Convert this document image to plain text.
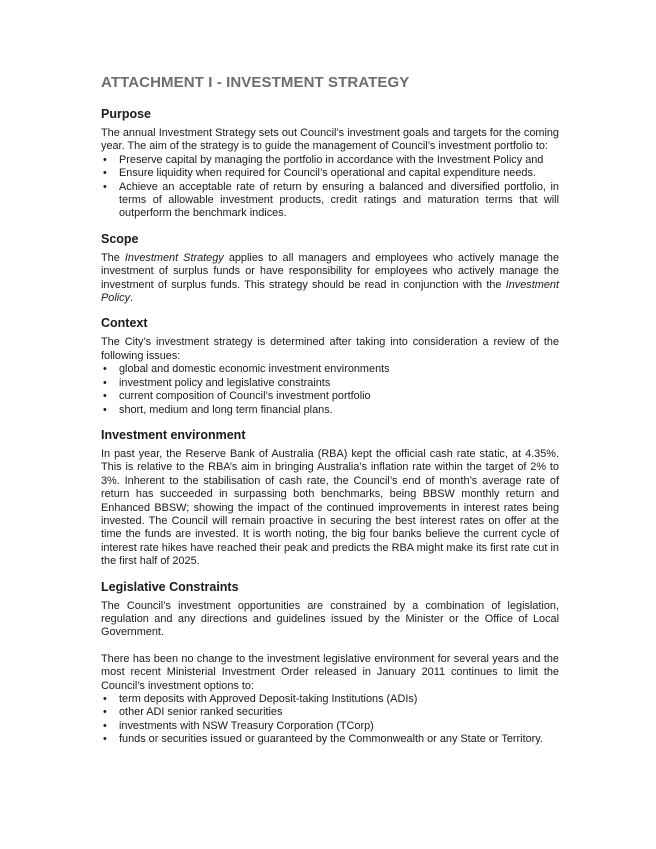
ATTACHMENT I - INVESTMENT STRATEGY
Purpose

The annual Investment Strategy sets out Council’s investment goals and targets for the coming year. The aim of the strategy is to guide the management of Council’s investment portfolio to:

• Preserve capital by managing the portfolio in accordance with the Investment Policy and
• Ensure liquidity when required for Council’s operational and capital expenditure needs.
• Achieve an acceptable rate of return by ensuring a balanced and diversified portfolio, in terms of allowable investment products, credit ratings and maturation terms that will outperform the benchmark indices.
Scope

The Investment Strategy applies to all managers and employees who actively manage the investment of surplus funds or have responsibility for employees who actively manage the investment of surplus funds. This strategy should be read in conjunction with the Investment Policy.

Context

The City’s investment strategy is determined after taking into consideration a review of the following issues:

• global and domestic economic investment environments
• investment policy and legislative constraints
• current composition of Council’s investment portfolio
• short, medium and long term financial plans.
Investment environment

In past year, the Reserve Bank of Australia (RBA) kept the official cash rate static, at 4.35%. This is relative to the RBA’s aim in bringing Australia’s inflation rate within the target of 2% to 3%. Inherent to the stabilisation of cash rate, the Council’s end of month’s average rate of return has succeeded in surpassing both benchmarks, being BBSW monthly return and Enhanced BBSW; showing the impact of the continued improvements in interest rates being invested. The Council will remain proactive in securing the best interest rates on offer at the time the funds are invested. It is worth noting, the big four banks believe the current cycle of interest rate hikes have reached their peak and predicts the RBA might make its first rate cut in the first half of 2025.

Legislative Constraints

The Council’s investment opportunities are constrained by a combination of legislation, regulation and any directions and guidelines issued by the Minister or the Office of Local Government.

There has been no change to the investment legislative environment for several years and the most recent Ministerial Investment Order released in January 2011 continues to limit the Council’s investment options to:

• term deposits with Approved Deposit-taking Institutions (ADIs)
• other ADI senior ranked securities
• investments with NSW Treasury Corporation (TCorp)
• funds or securities issued or guaranteed by the Commonwealth or any State or Territory.
